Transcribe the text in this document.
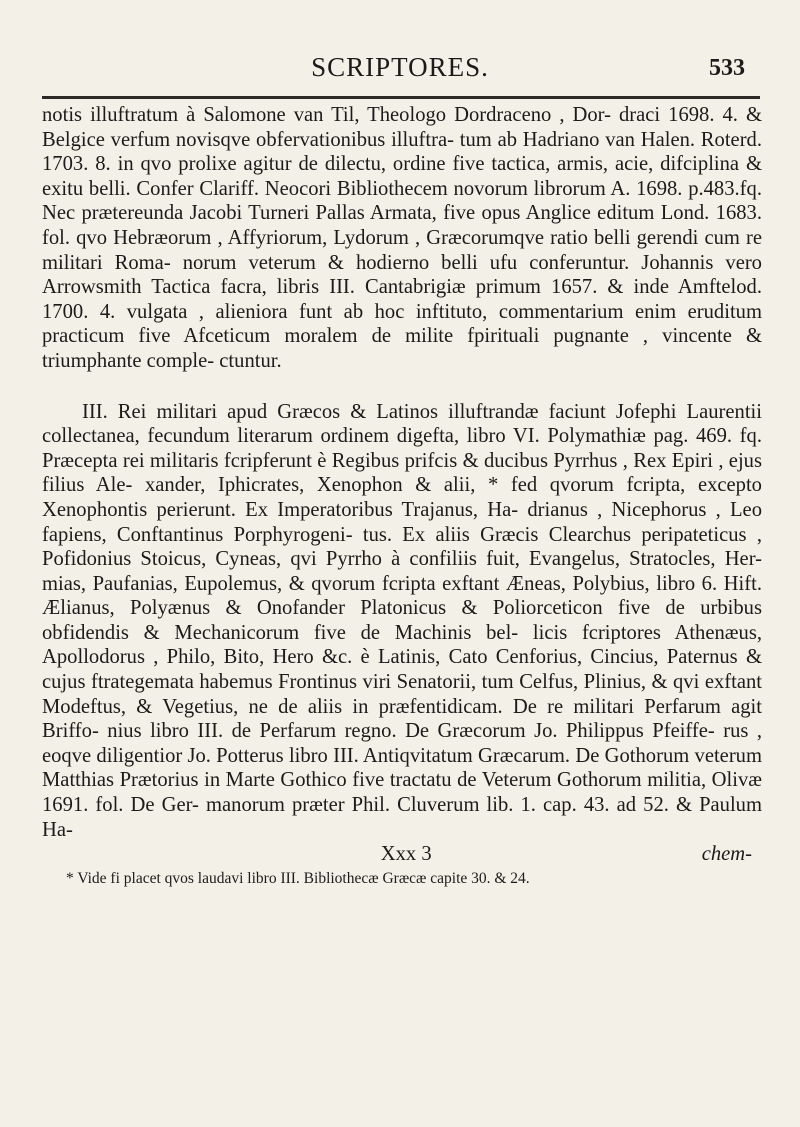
SCRIPTORES.	533

notis illuftratum à Salomone van Til, Theologo Dordraceno , Dor- draci 1698. 4. & Belgice verfum novisqve obfervationibus illuftra- tum ab Hadriano van Halen. Roterd. 1703. 8. in qvo prolixe agitur de dilectu, ordine five tactica, armis, acie, difciplina & exitu belli. Confer Clariff. Neocori Bibliothecem novorum librorum A. 1698. p.483.fq. Nec prætereunda Jacobi Turneri Pallas Armata, five opus Anglice editum Lond. 1683. fol. qvo Hebræorum , Affyriorum, Lydorum , Græcorumqve ratio belli gerendi cum re militari Roma- norum veterum & hodierno belli ufu conferuntur. Johannis vero Arrowsmith Tactica facra, libris III. Cantabrigiæ primum 1657. & inde Amftelod. 1700. 4. vulgata , alieniora funt ab hoc inftituto, commentarium enim eruditum practicum five Afceticum moralem de milite fpirituali pugnante , vincente & triumphante comple- ctuntur.

III. Rei militari apud Græcos & Latinos illuftrandæ faciunt Jofephi Laurentii collectanea, fecundum literarum ordinem digefta, libro VI. Polymathiæ pag. 469. fq. Præcepta rei militaris fcripferunt è Regibus prifcis & ducibus Pyrrhus , Rex Epiri , ejus filius Ale- xander, Iphicrates, Xenophon & alii, * fed qvorum fcripta, excepto Xenophontis perierunt. Ex Imperatoribus Trajanus, Ha- drianus , Nicephorus , Leo fapiens, Conftantinus Porphyrogeni- tus. Ex aliis Græcis Clearchus peripateticus , Pofidonius Stoicus, Cyneas, qvi Pyrrho à confiliis fuit, Evangelus, Stratocles, Her- mias, Paufanias, Eupolemus, & qvorum fcripta exftant Æneas, Polybius, libro 6. Hift. Ælianus, Polyænus & Onofander Platonicus & Poliorceticon five de urbibus obfidendis & Mechanicorum five de Machinis bel- licis fcriptores Athenæus, Apollodorus , Philo, Bito, Hero &c. è Latinis, Cato Cenforius, Cincius, Paternus & cujus ftrategemata habemus Frontinus viri Senatorii, tum Celfus, Plinius, & qvi exftant Modeftus, & Vegetius, ne de aliis in præfentidicam. De re militari Perfarum agit Briffo- nius libro III. de Perfarum regno. De Græcorum Jo. Philippus Pfeiffe- rus , eoqve diligentior Jo. Potterus libro III. Antiqvitatum Græcarum. De Gothorum veterum Matthias Prætorius in Marte Gothico five tractatu de Veterum Gothorum militia, Olivæ 1691. fol. De Ger- manorum præter Phil. Cluverum lib. 1. cap. 43. ad 52. & Paulum Ha-

Xxx 3	chem-
* Vide fi placet qvos laudavi libro III. Bibliothecæ Græcæ capite 30. & 24.
